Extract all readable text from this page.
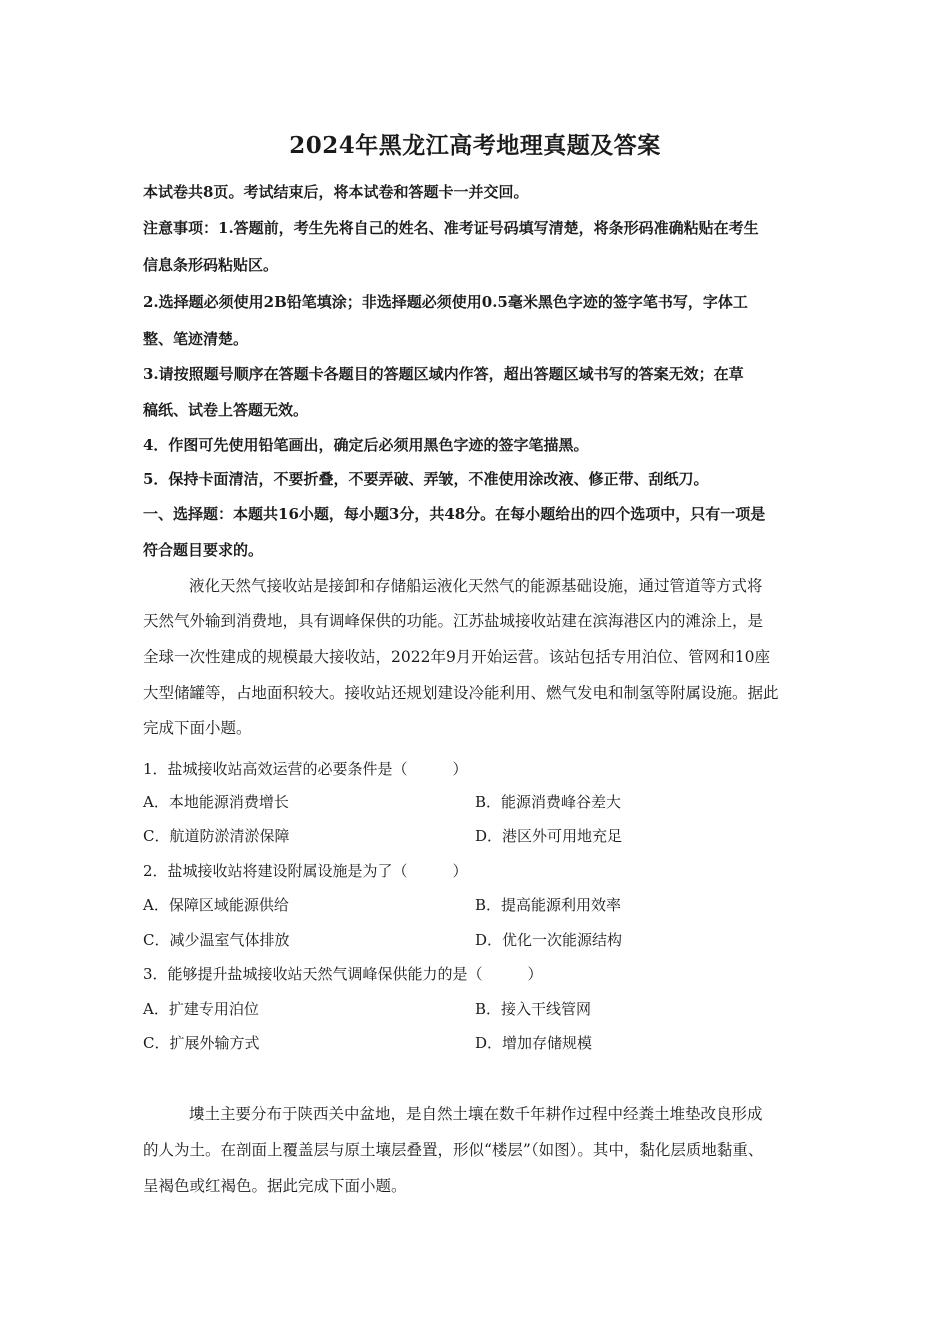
2024年黑龙江高考地理真题及答案
本试卷共8页。考试结束后，将本试卷和答题卡一并交回。
注意事项：1.答题前，考生先将自己的姓名、准考证号码填写清楚，将条形码准确粘贴在考生
信息条形码粘贴区。
2.选择题必须使用2B铅笔填涂；非选择题必须使用0.5毫米黑色字迹的签字笔书写，字体工
整、笔迹清楚。
3.请按照题号顺序在答题卡各题目的答题区域内作答，超出答题区域书写的答案无效；在草
稿纸、试卷上答题无效。
4．作图可先使用铅笔画出，确定后必须用黑色字迹的签字笔描黑。
5．保持卡面清洁，不要折叠，不要弄破、弄皱，不准使用涂改液、修正带、刮纸刀。
一、选择题：本题共16小题，每小题3分，共48分。在每小题给出的四个选项中，只有一项是
符合题目要求的。
液化天然气接收站是接卸和存储船运液化天然气的能源基础设施，通过管道等方式将
天然气外输到消费地，具有调峰保供的功能。江苏盐城接收站建在滨海港区内的滩涂上，是
全球一次性建成的规模最大接收站，2022年9月开始运营。该站包括专用泊位、管网和10座
大型储罐等，占地面积较大。接收站还规划建设冷能利用、燃气发电和制氢等附属设施。据此
完成下面小题。
1．盐城接收站高效运营的必要条件是（　　　）
A．本地能源消费增长	B．能源消费峰谷差大
C．航道防淤清淤保障	D．港区外可用地充足
2．盐城接收站将建设附属设施是为了（　　　）
A．保障区域能源供给	B．提高能源利用效率
C．减少温室气体排放	D．优化一次能源结构
3．能够提升盐城接收站天然气调峰保供能力的是（　　　）
A．扩建专用泊位	B．接入干线管网
C．扩展外输方式	D．增加存储规模
塿土主要分布于陕西关中盆地，是自然土壤在数千年耕作过程中经粪土堆垫改良形成
的人为土。在剖面上覆盖层与原土壤层叠置，形似“楼层”（如图）。其中，黏化层质地黏重、
呈褐色或红褐色。据此完成下面小题。
